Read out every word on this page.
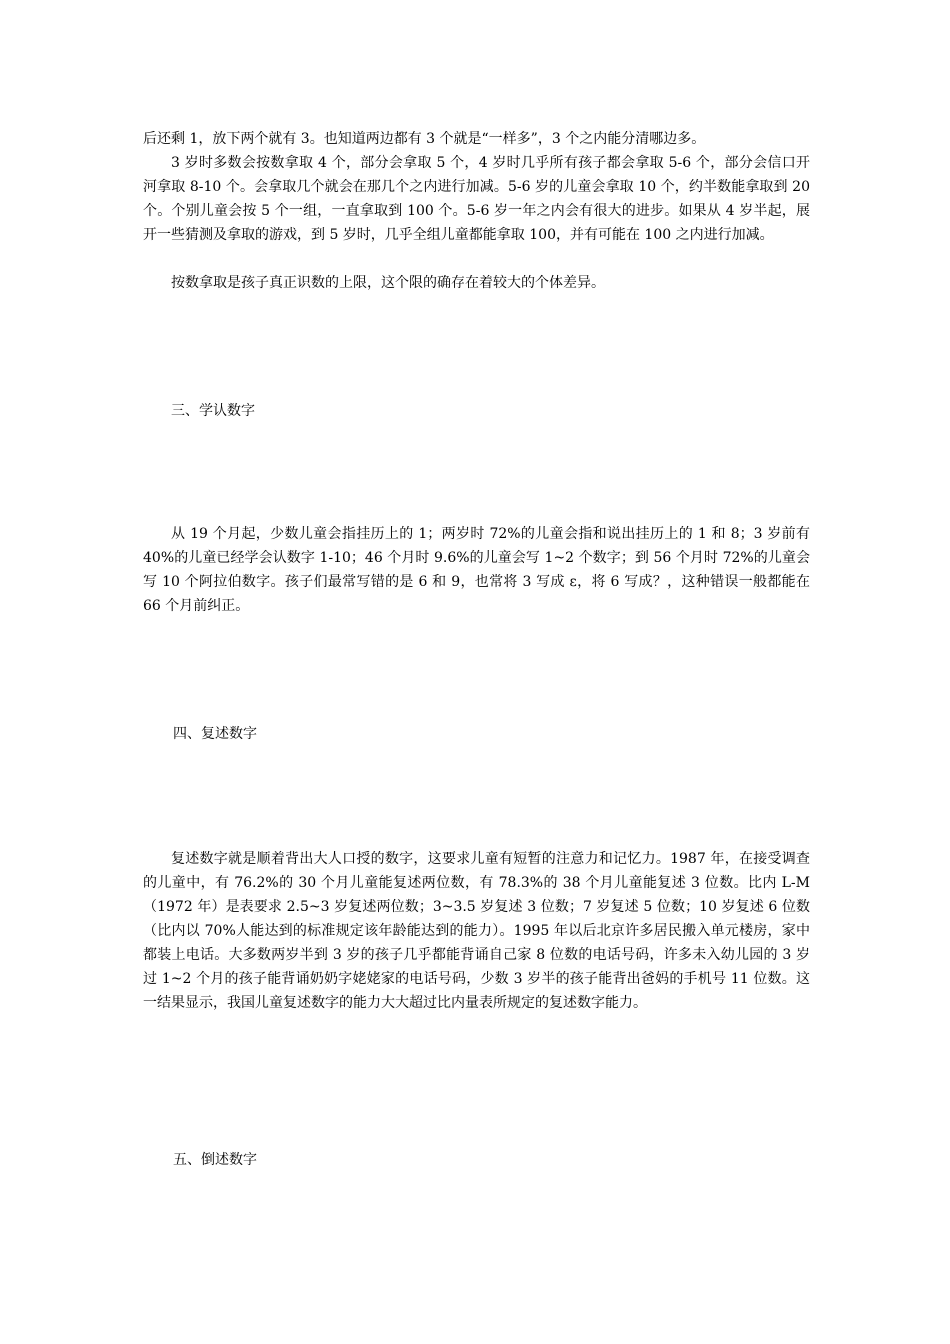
后还剩 1，放下两个就有 3。也知道两边都有 3 个就是“一样多”，3 个之内能分清哪边多。

3 岁时多数会按数拿取 4 个，部分会拿取 5 个，4 岁时几乎所有孩子都会拿取 5-6 个，部分会信口开河拿取 8-10 个。会拿取几个就会在那几个之内进行加减。5-6 岁的儿童会拿取 10 个，约半数能拿取到 20 个。个别儿童会按 5 个一组，一直拿取到 100 个。5-6 岁一年之内会有很大的进步。如果从 4 岁半起，展开一些猜测及拿取的游戏，到 5 岁时，几乎全组儿童都能拿取 100，并有可能在 100 之内进行加减。

按数拿取是孩子真正识数的上限，这个限的确存在着较大的个体差异。

三、学认数字

从 19 个月起，少数儿童会指挂历上的 1；两岁时 72%的儿童会指和说出挂历上的 1 和 8；3 岁前有 40%的儿童已经学会认数字 1-10；46 个月时 9.6%的儿童会写 1~2 个数字；到 56 个月时 72%的儿童会写 10 个阿拉伯数字。孩子们最常写错的是 6 和 9，也常将 3 写成 ε，将 6 写成？，这种错误一般都能在 66 个月前纠正。

四、复述数字

复述数字就是顺着背出大人口授的数字，这要求儿童有短暂的注意力和记忆力。1987 年，在接受调查的儿童中，有 76.2%的 30 个月儿童能复述两位数，有 78.3%的 38 个月儿童能复述 3 位数。比内 L-M（1972 年）是表要求 2.5~3 岁复述两位数；3~3.5 岁复述 3 位数；7 岁复述 5 位数；10 岁复述 6 位数（比内以 70%人能达到的标准规定该年龄能达到的能力）。1995 年以后北京许多居民搬入单元楼房，家中都装上电话。大多数两岁半到 3 岁的孩子几乎都能背诵自己家 8 位数的电话号码，许多未入幼儿园的 3 岁过 1~2 个月的孩子能背诵奶奶字姥姥家的电话号码，少数 3 岁半的孩子能背出爸妈的手机号 11 位数。这一结果显示，我国儿童复述数字的能力大大超过比内量表所规定的复述数字能力。

五、倒述数字
